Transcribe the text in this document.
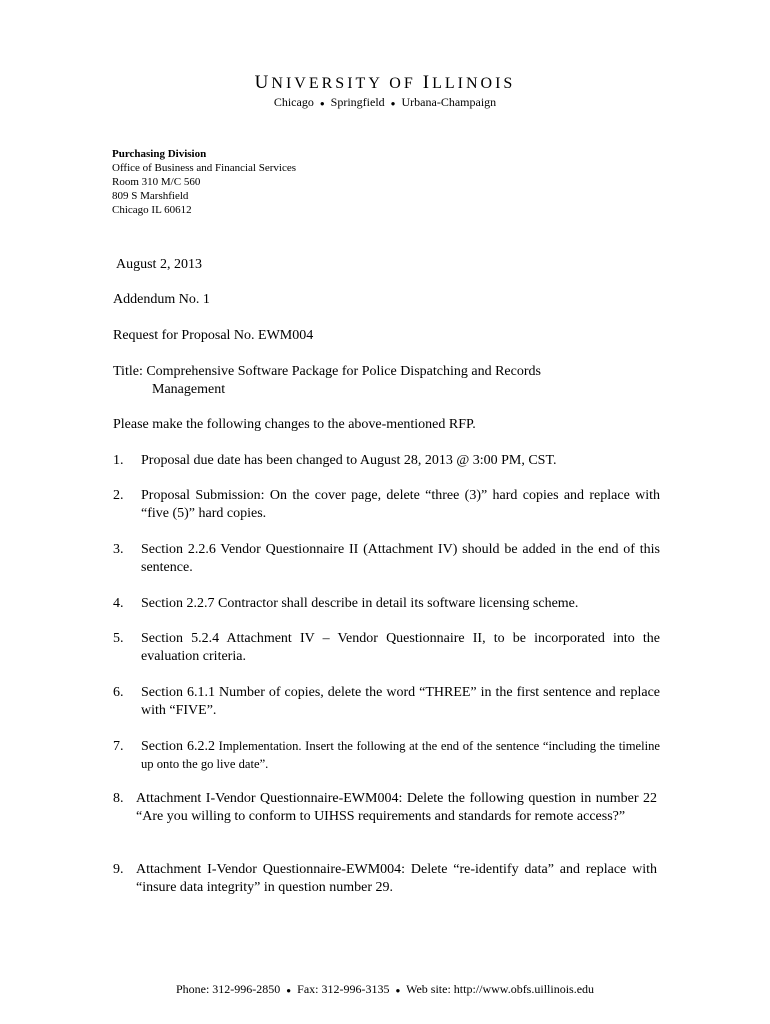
UNIVERSITY OF ILLINOIS
Chicago ● Springfield ● Urbana-Champaign
Purchasing Division
Office of Business and Financial Services
Room 310 M/C 560
809 S Marshfield
Chicago IL 60612
August 2, 2013
Addendum No. 1
Request for Proposal No. EWM004
Title: Comprehensive Software Package for Police Dispatching and Records
Management
Please make the following changes to the above-mentioned RFP.
1. Proposal due date has been changed to August 28, 2013 @ 3:00 PM, CST.
2. Proposal Submission: On the cover page, delete “three (3)” hard copies and replace with “five (5)” hard copies.
3. Section 2.2.6 Vendor Questionnaire II (Attachment IV) should be added in the end of this sentence.
4. Section 2.2.7 Contractor shall describe in detail its software licensing scheme.
5. Section 5.2.4 Attachment IV – Vendor Questionnaire II, to be incorporated into the evaluation criteria.
6. Section 6.1.1 Number of copies, delete the word “THREE” in the first sentence and replace with “FIVE”.
7. Section 6.2.2 Implementation. Insert the following at the end of the sentence “including the timeline up onto the go live date”.
8. Attachment I-Vendor Questionnaire-EWM004: Delete the following question in number 22 “Are you willing to conform to UIHSS requirements and standards for remote access?”
9. Attachment I-Vendor Questionnaire-EWM004: Delete “re-identify data” and replace with “insure data integrity” in question number 29.
Phone: 312-996-2850 ● Fax: 312-996-3135 ● Web site: http://www.obfs.uillinois.edu
